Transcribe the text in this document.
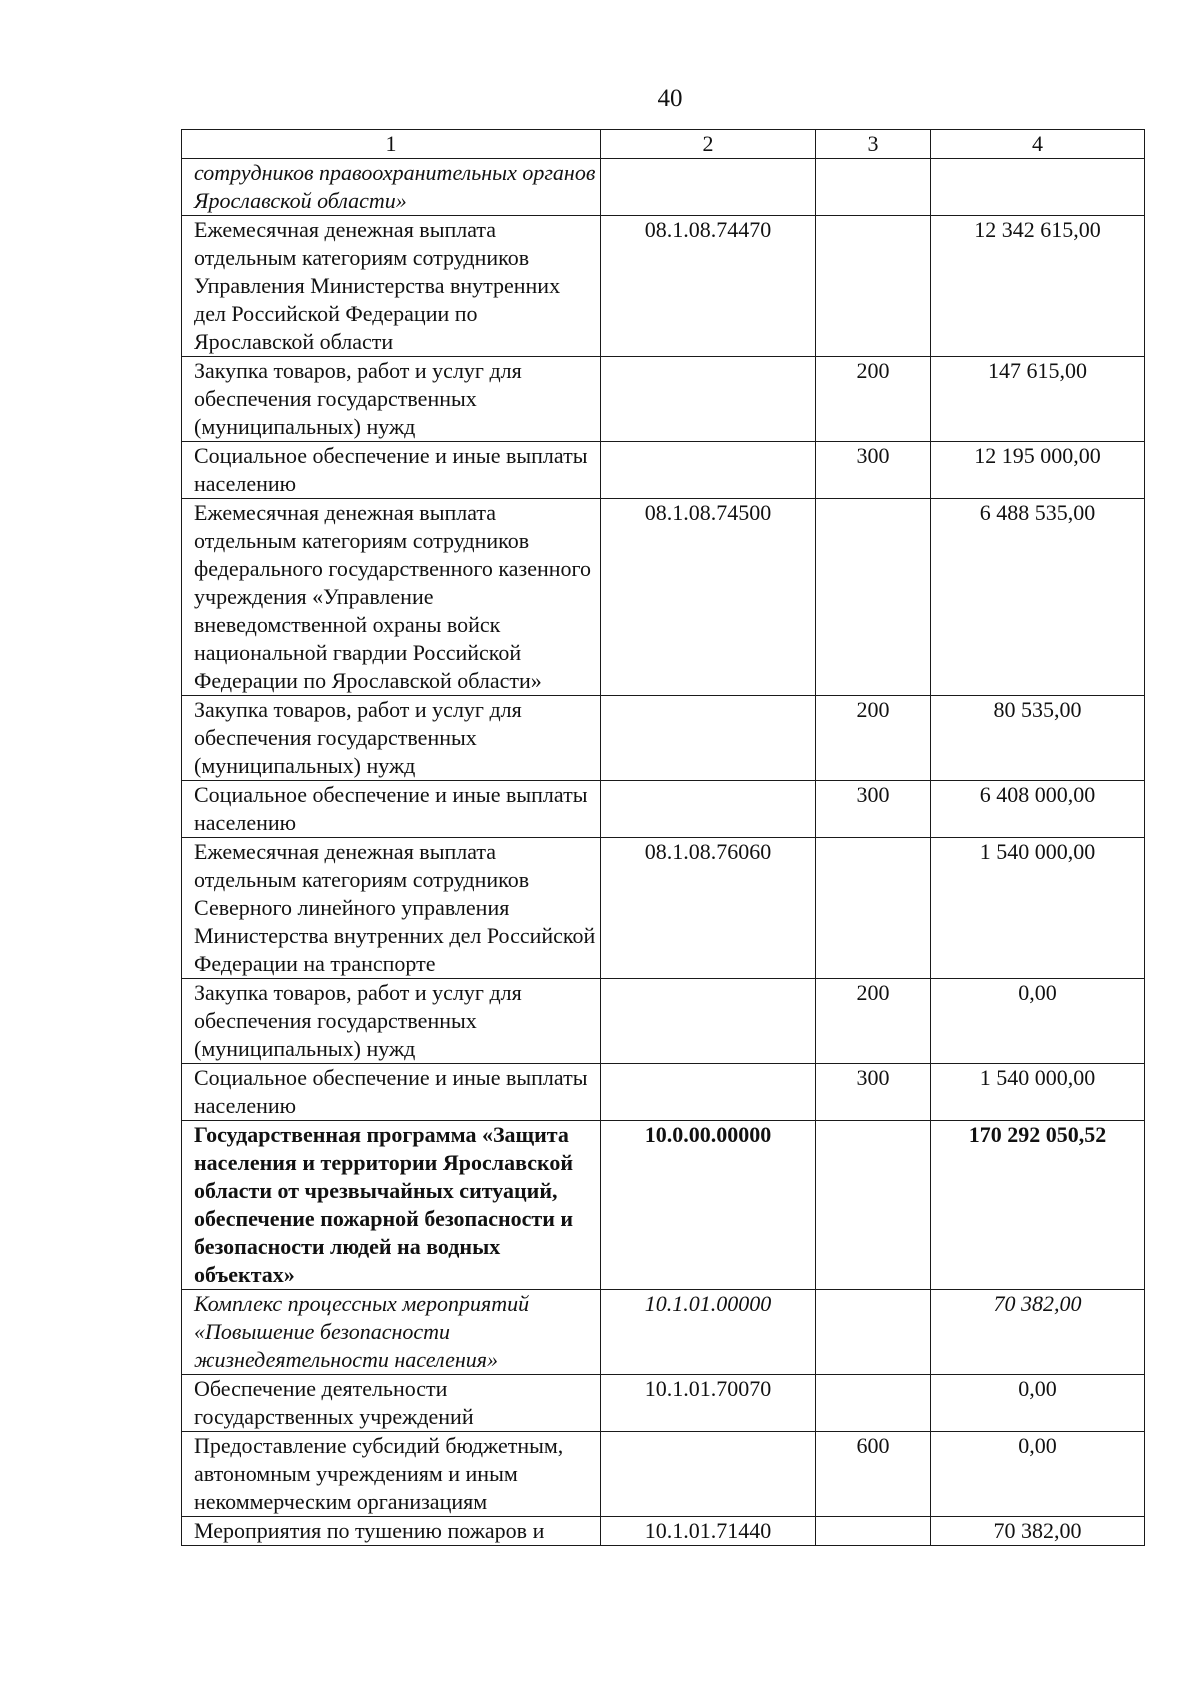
40
1	2	3	4
сотрудников правоохранительных органов Ярославской области»			
Ежемесячная денежная выплата отдельным категориям сотрудников Управления Министерства внутренних дел Российской Федерации по Ярославской области	08.1.08.74470		12 342 615,00
Закупка товаров, работ и услуг для обеспечения государственных (муниципальных) нужд		200	147 615,00
Социальное обеспечение и иные выплаты населению		300	12 195 000,00
Ежемесячная денежная выплата отдельным категориям сотрудников федерального государственного казенного учреждения «Управление вневедомственной охраны войск национальной гвардии Российской Федерации по Ярославской области»	08.1.08.74500		6 488 535,00
Закупка товаров, работ и услуг для обеспечения государственных (муниципальных) нужд		200	80 535,00
Социальное обеспечение и иные выплаты населению		300	6 408 000,00
Ежемесячная денежная выплата отдельным категориям сотрудников Северного линейного управления Министерства внутренних дел Российской Федерации на транспорте	08.1.08.76060		1 540 000,00
Закупка товаров, работ и услуг для обеспечения государственных (муниципальных) нужд		200	0,00
Социальное обеспечение и иные выплаты населению		300	1 540 000,00
Государственная программа «Защита населения и территории Ярославской области от чрезвычайных ситуаций, обеспечение пожарной безопасности и безопасности людей на водных объектах»	10.0.00.00000		170 292 050,52
Комплекс процессных мероприятий «Повышение безопасности жизнедеятельности населения»	10.1.01.00000		70 382,00
Обеспечение деятельности государственных учреждений	10.1.01.70070		0,00
Предоставление субсидий бюджетным, автономным учреждениям и иным некоммерческим организациям		600	0,00
Мероприятия по тушению пожаров и	10.1.01.71440		70 382,00
